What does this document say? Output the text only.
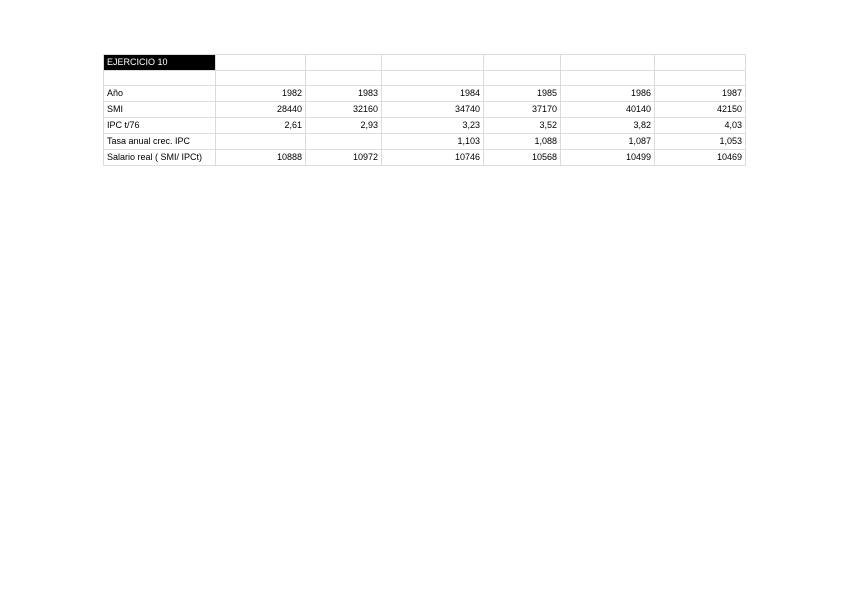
EJERCICIO 10						

Año	1982	1983	1984	1985	1986	1987
SMI	28440	32160	34740	37170	40140	42150
IPC t/76	2,61	2,93	3,23	3,52	3,82	4,03
Tasa anual crec. IPC			1,103	1,088	1,087	1,053
Salario real ( SMI/ IPCt)	10888	10972	10746	10568	10499	10469
